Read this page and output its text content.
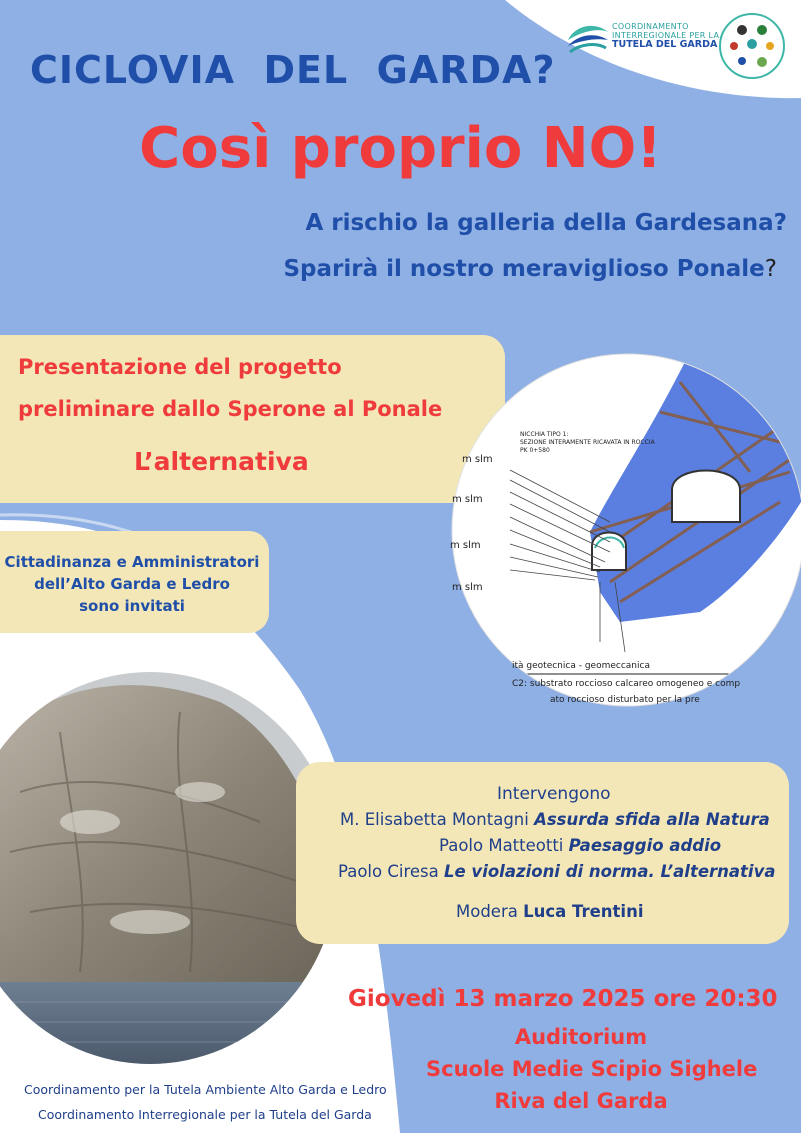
COORDINAMENTO
INTERREGIONALE PER LA
TUTELA DEL GARDA
CICLOVIA  DEL  GARDA?
Così proprio NO!
A rischio la galleria della Gardesana?
Sparirà il nostro meraviglioso Ponale?
Presentazione del progetto
preliminare dallo Sperone al Ponale
L’alternativa
NICCHIA TIPO 1:
SEZIONE INTERAMENTE RICAVATA IN ROCCIA
PK 0+580
m slm
m slm
m slm
m slm
ità geotecnica - geomeccanica
C2: substrato roccioso calcareo omogeneo e comp
ato roccioso disturbato per la pre
Cittadinanza e Amministratori
dell’Alto Garda e Ledro
sono invitati
Intervengono
M. Elisabetta Montagni Assurda sfida alla Natura
Paolo Matteotti Paesaggio addio
Paolo Ciresa Le violazioni di norma. L’alternativa
Modera Luca Trentini
Giovedì 13 marzo 2025 ore 20:30
Auditorium
Scuole Medie Scipio Sighele
Riva del Garda
Coordinamento per la Tutela Ambiente Alto Garda e Ledro
Coordinamento Interregionale per la Tutela del Garda
